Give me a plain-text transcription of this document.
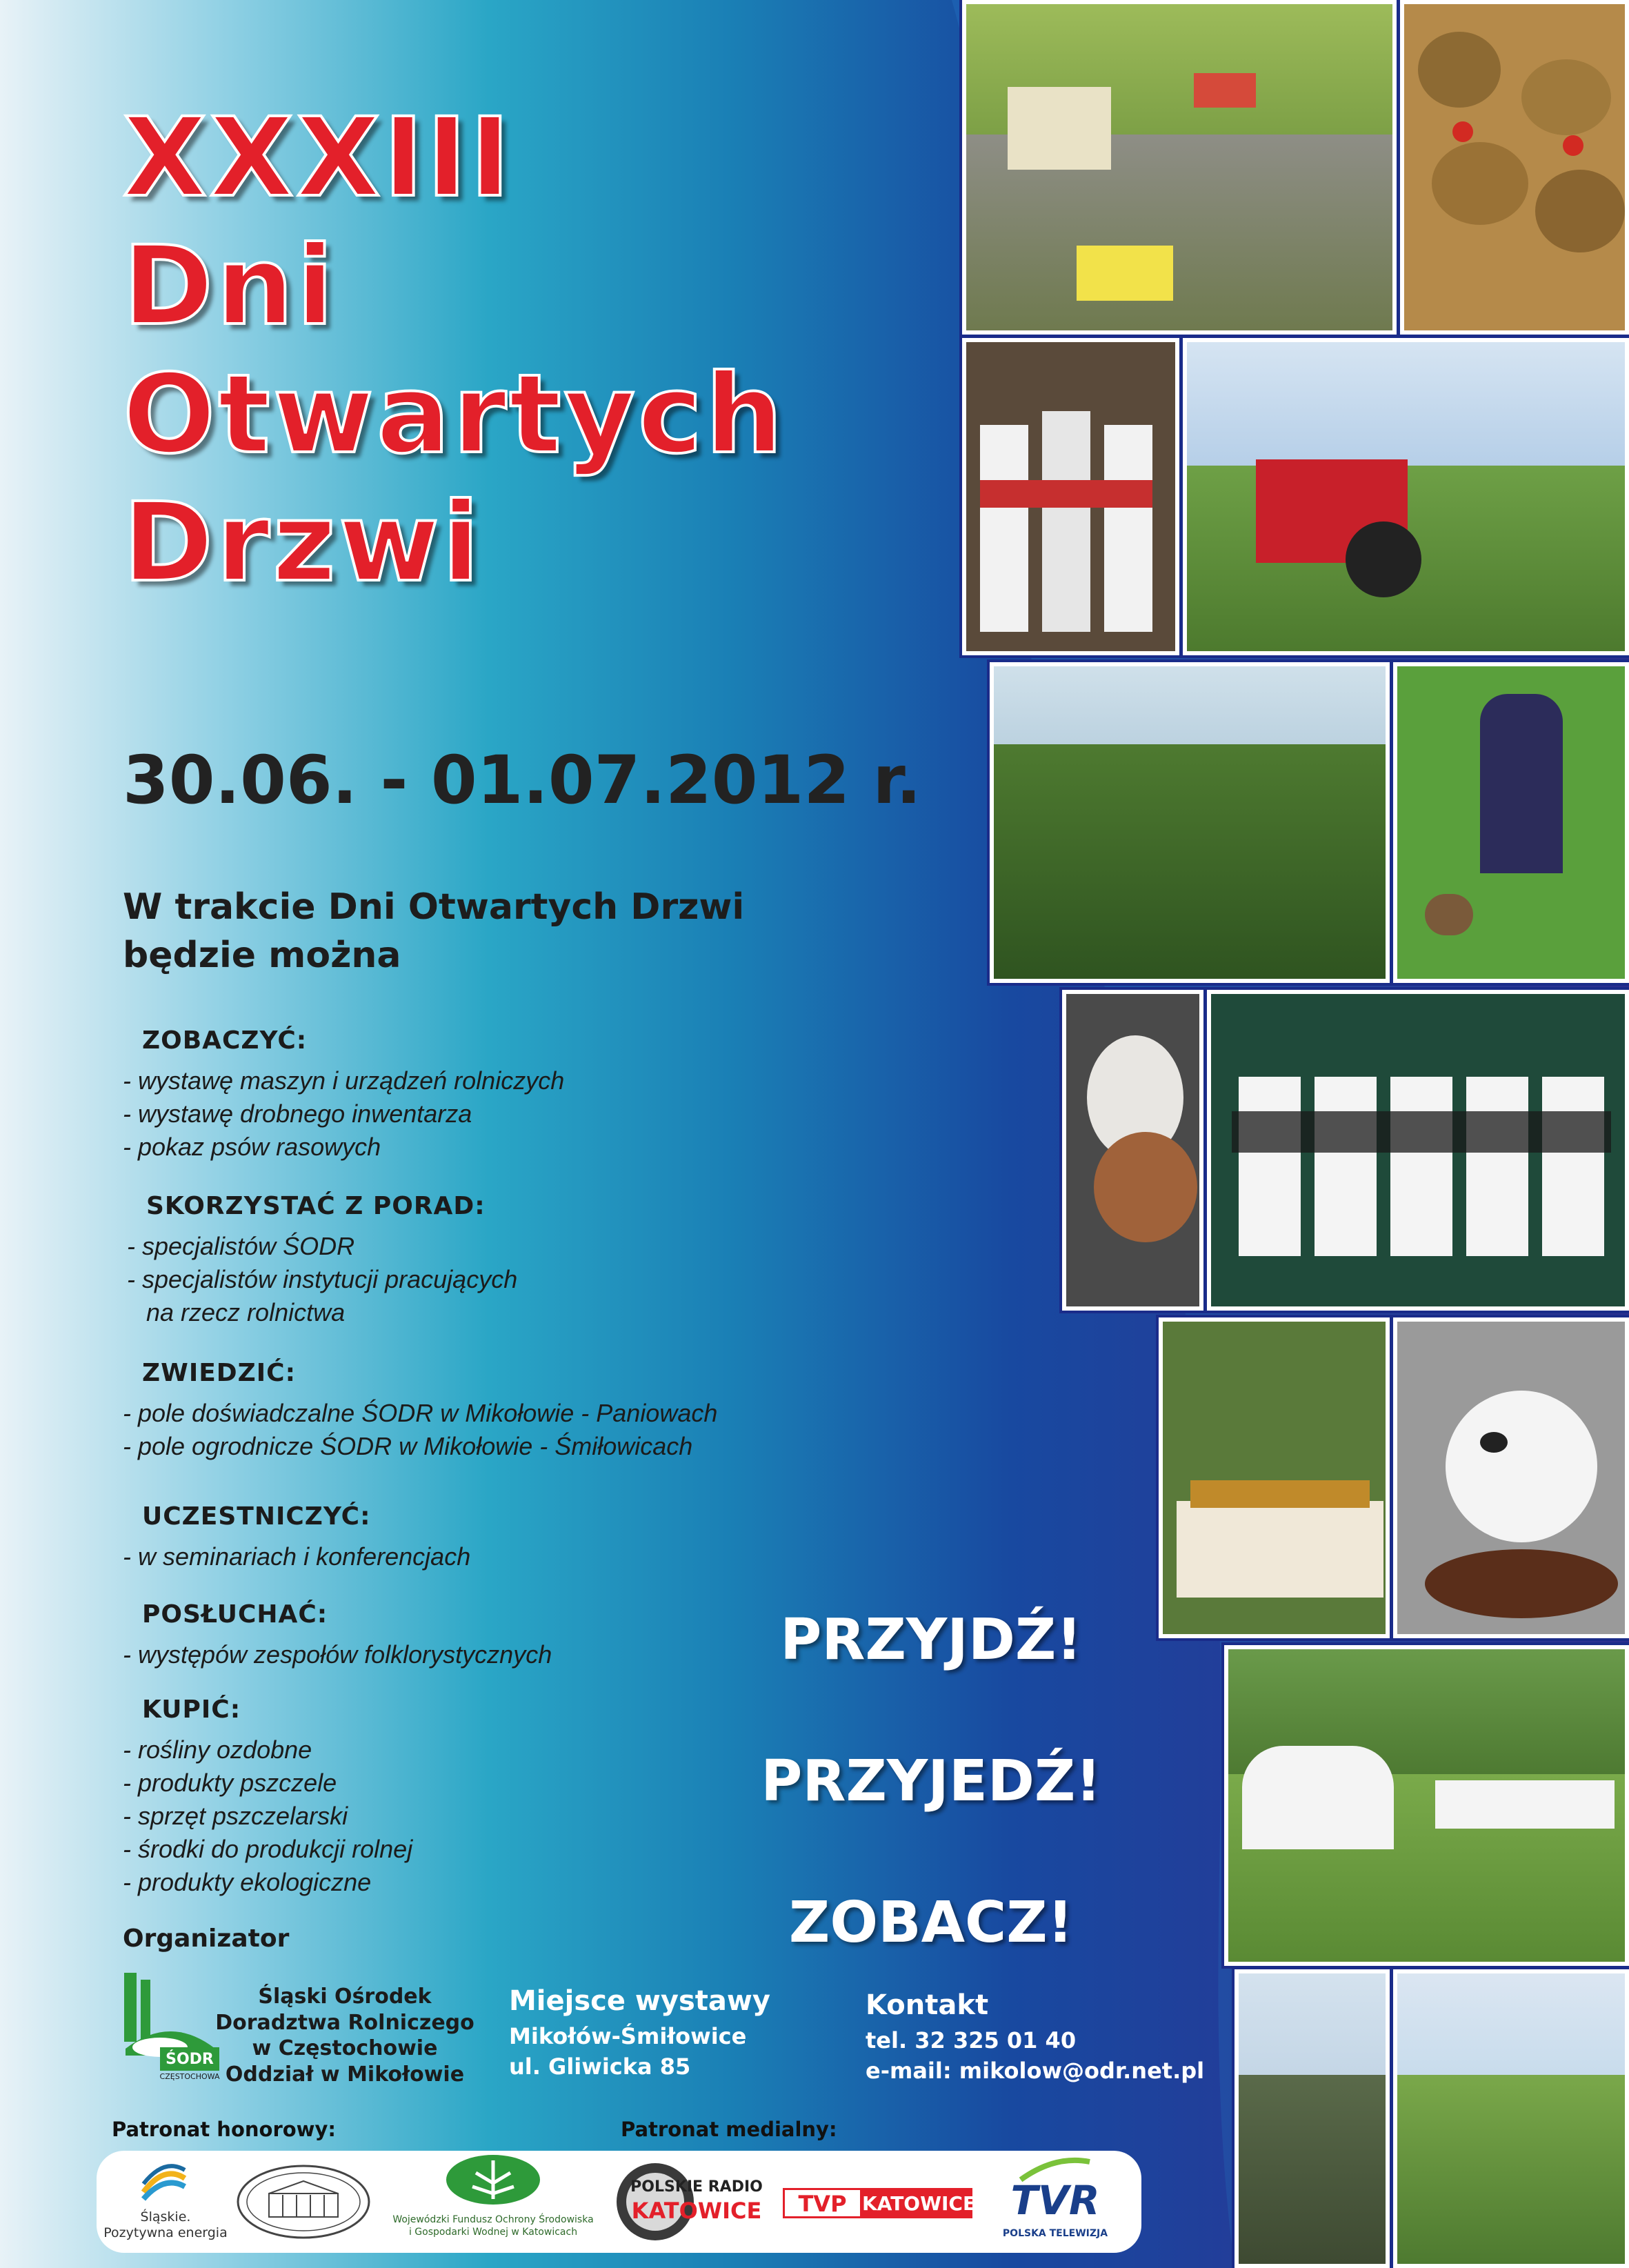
XXXIII
Dni
Otwartych
Drzwi
30.06. - 01.07.2012 r.
W trakcie Dni Otwartych Drzwi
będzie można
ZOBACZYĆ:
- wystawę maszyn i urządzeń rolniczych
- wystawę drobnego inwentarza
- pokaz psów rasowych
SKORZYSTAĆ Z PORAD:
- specjalistów ŚODR
- specjalistów instytucji pracujących
na rzecz rolnictwa
ZWIEDZIĆ:
- pole doświadczalne ŚODR w Mikołowie - Paniowach
- pole ogrodnicze ŚODR w Mikołowie - Śmiłowicach
UCZESTNICZYĆ:
- w seminariach i konferencjach
POSŁUCHAĆ:
- występów zespołów folklorystycznych
KUPIĆ:
- rośliny ozdobne
- produkty pszczele
- sprzęt pszczelarski
- środki do produkcji rolnej
- produkty ekologiczne
PRZYJDŹ!
PRZYJEDŹ!
ZOBACZ!
Organizator
ŚODR
CZĘSTOCHOWA
Śląski Ośrodek
Doradztwa Rolniczego
w Częstochowie
Oddział w Mikołowie
Miejsce wystawy
Mikołów-Śmiłowice
ul. Gliwicka 85
Kontakt
tel. 32 325 01 40
e-mail: mikolow@odr.net.pl
Patronat honorowy:	Patronat medialny:
Śląskie.
Pozytywna energia
Wojewódzki Fundusz Ochrony Środowiska
i Gospodarki Wodnej w Katowicach
POLSKIE RADIO
KATOWICE	TVP KATOWICE TVR
POLSKA TELEWIZJA
